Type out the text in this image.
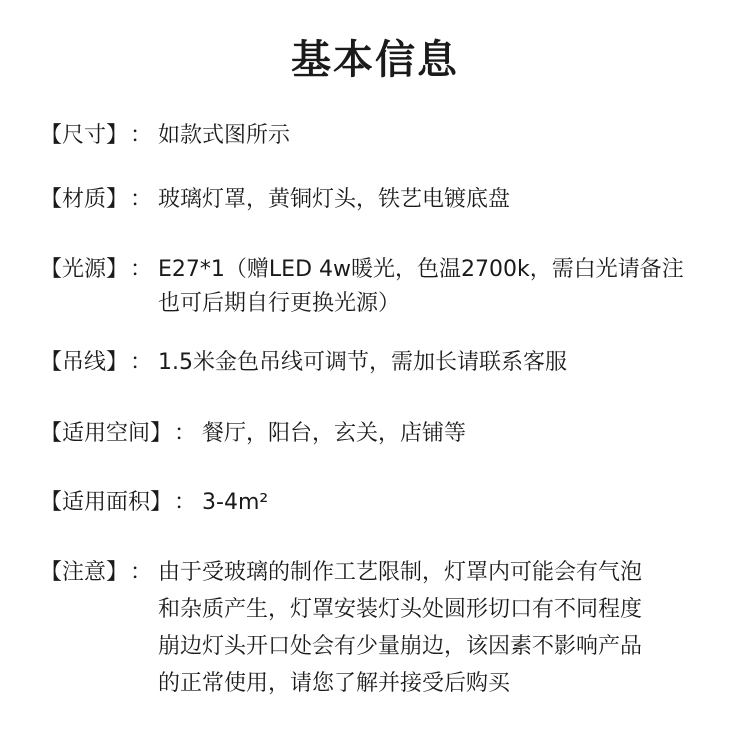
基本信息
【尺寸】 ： 如款式图所示
【材质】 ： 玻璃灯罩，黄铜灯头，铁艺电镀底盘
【光源】 ： E27*1（赠LED 4w暖光，色温2700k，需白光请备注
也可后期自行更换光源）
【吊线】 ： 1.5米金色吊线可调节，需加长请联系客服
【适用空间】 ： 餐厅，阳台，玄关，店铺等
【适用面积】 ： 3-4m²
【注意】 ： 由于受玻璃的制作工艺限制，灯罩内可能会有气泡
和杂质产生，灯罩安装灯头处圆形切口有不同程度
崩边灯头开口处会有少量崩边，该因素不影响产品
的正常使用，请您了解并接受后购买
